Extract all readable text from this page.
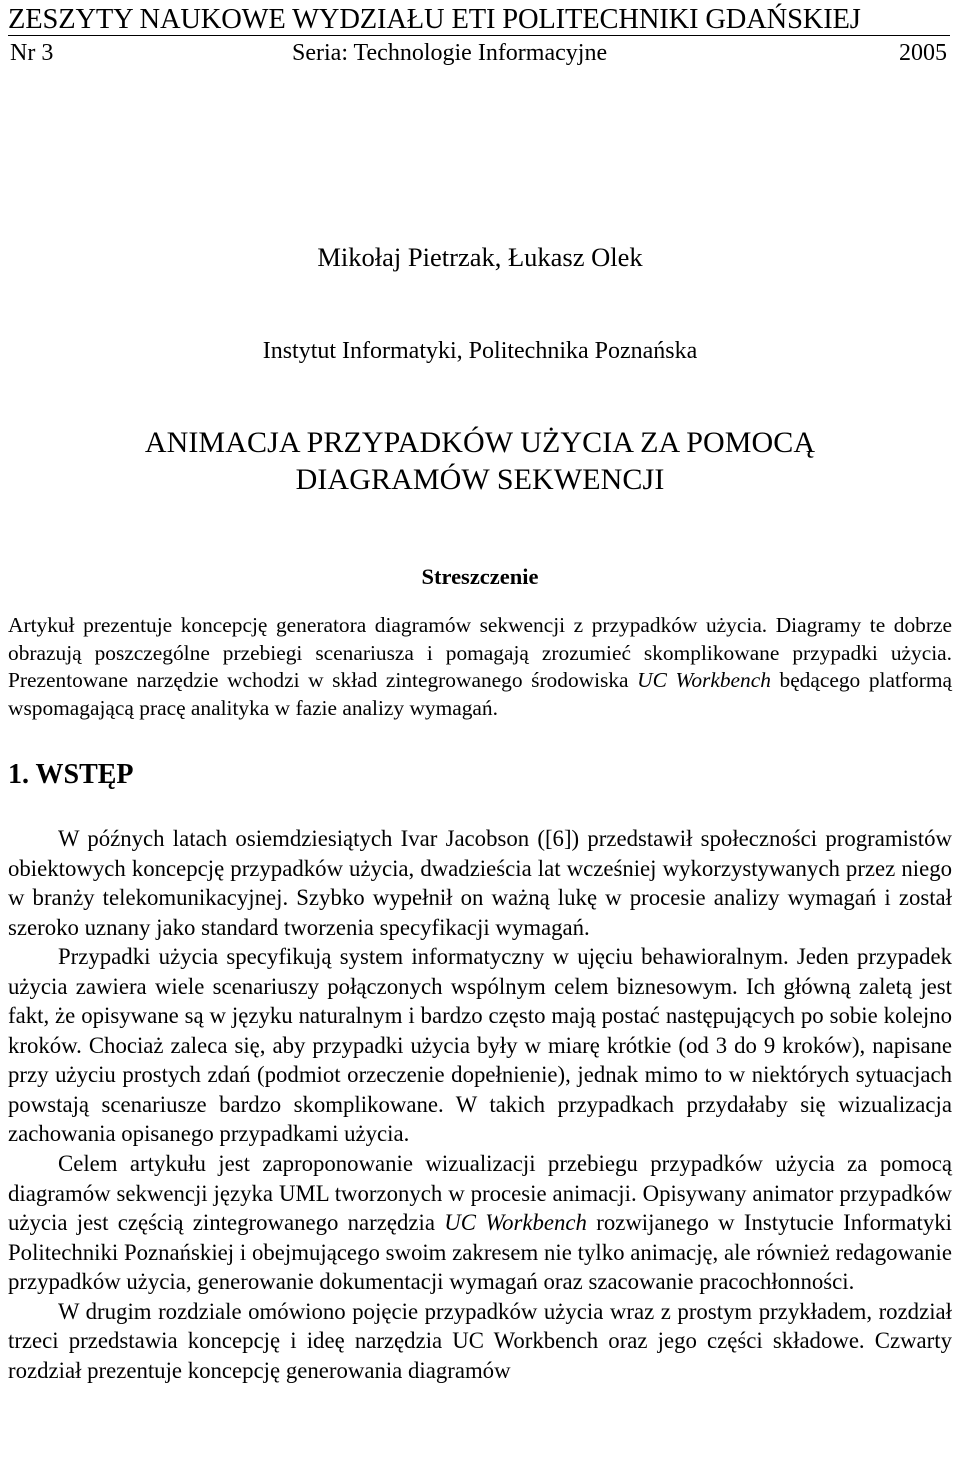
ZESZYTY NAUKOWE WYDZIAŁU ETI POLITECHNIKI GDAŃSKIEJ
Nr 3	Seria: Technologie Informacyjne	2005
Mikołaj Pietrzak, Łukasz Olek
Instytut Informatyki, Politechnika Poznańska
ANIMACJA PRZYPADKÓW UŻYCIA ZA POMOCĄ
DIAGRAMÓW SEKWENCJI
Streszczenie

Artykuł prezentuje koncepcję generatora diagramów sekwencji z przypadków użycia. Diagramy te dobrze obrazują poszczególne przebiegi scenariusza i pomagają zrozumieć skomplikowane przypadki użycia. Prezentowane narzędzie wchodzi w skład zintegrowanego środowiska UC Workbench będącego platformą wspomagającą pracę analityka w fazie analizy wymagań.

1. WSTĘP

W późnych latach osiemdziesiątych Ivar Jacobson ([6]) przedstawił społeczności programistów obiektowych koncepcję przypadków użycia, dwadzieścia lat wcześniej wykorzystywanych przez niego w branży telekomunikacyjnej. Szybko wypełnił on ważną lukę w procesie analizy wymagań i został szeroko uznany jako standard tworzenia specyfikacji wymagań.

Przypadki użycia specyfikują system informatyczny w ujęciu behawioralnym. Jeden przypadek użycia zawiera wiele scenariuszy połączonych wspólnym celem biznesowym. Ich główną zaletą jest fakt, że opisywane są w języku naturalnym i bardzo często mają postać następujących po sobie kolejno kroków. Chociaż zaleca się, aby przypadki użycia były w miarę krótkie (od 3 do 9 kroków), napisane przy użyciu prostych zdań (podmiot orzeczenie dopełnienie), jednak mimo to w niektórych sytuacjach powstają scenariusze bardzo skomplikowane. W takich przypadkach przydałaby się wizualizacja zachowania opisanego przypadkami użycia.

Celem artykułu jest zaproponowanie wizualizacji przebiegu przypadków użycia za pomocą diagramów sekwencji języka UML tworzonych w procesie animacji. Opisywany animator przypadków użycia jest częścią zintegrowanego narzędzia UC Workbench rozwijanego w Instytucie Informatyki Politechniki Poznańskiej i obejmującego swoim zakresem nie tylko animację, ale również redagowanie przypadków użycia, generowanie dokumentacji wymagań oraz szacowanie pracochłonności.

W drugim rozdziale omówiono pojęcie przypadków użycia wraz z prostym przykładem, rozdział trzeci przedstawia koncepcję i ideę narzędzia UC Workbench oraz jego części składowe. Czwarty rozdział prezentuje koncepcję generowania diagramów
